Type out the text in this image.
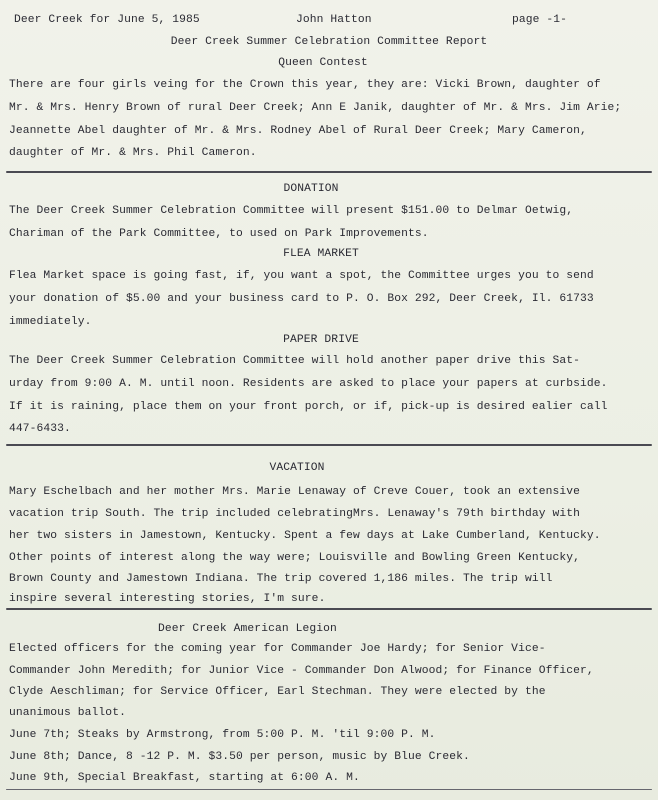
Deer Creek for June 5, 1985	John Hatton	page -1-
Deer Creek Summer Celebration Committee Report
Queen Contest
There are four girls veing for the Crown this year, they are: Vicki Brown, daughter of
Mr. & Mrs. Henry Brown of rural Deer Creek; Ann E Janik, daughter of Mr. & Mrs. Jim Arie;
Jeannette Abel daughter of Mr. & Mrs. Rodney Abel of Rural Deer Creek; Mary Cameron,
daughter of Mr. & Mrs. Phil Cameron.
DONATION
The Deer Creek Summer Celebration Committee will present $151.00 to Delmar Oetwig,
Chariman of the Park Committee, to used on Park Improvements.
FLEA MARKET
Flea Market space is going fast, if, you want a spot, the Committee urges you to send
your donation of $5.00 and your business card to P. O. Box 292, Deer Creek, Il. 61733
immediately.
PAPER DRIVE
The Deer Creek Summer Celebration Committee will hold another paper drive this Sat-
urday from 9:00 A. M. until noon. Residents are asked to place your papers at curbside.
If it is raining, place them on your front porch, or if, pick-up is desired ealier call
447-6433.
VACATION
Mary Eschelbach and her mother Mrs. Marie Lenaway of Creve Couer, took an extensive
vacation trip South. The trip included celebratingMrs. Lenaway's 79th birthday with
her two sisters in Jamestown, Kentucky. Spent a few days at Lake Cumberland, Kentucky.
Other points of interest along the way were; Louisville and Bowling Green Kentucky,
Brown County and Jamestown Indiana. The trip covered 1,186 miles. The trip will
inspire several interesting stories, I'm sure.
Deer Creek American Legion
Elected officers for the coming year for Commander Joe Hardy; for Senior Vice-
Commander John Meredith; for Junior Vice - Commander Don Alwood; for Finance Officer,
Clyde Aeschliman; for Service Officer, Earl Stechman. They were elected by the
unanimous ballot.
June 7th; Steaks by Armstrong, from 5:00 P. M. 'til 9:00 P. M.
June 8th; Dance, 8 -12 P. M. $3.50 per person, music by Blue Creek.
June 9th, Special Breakfast, starting at 6:00 A. M.
